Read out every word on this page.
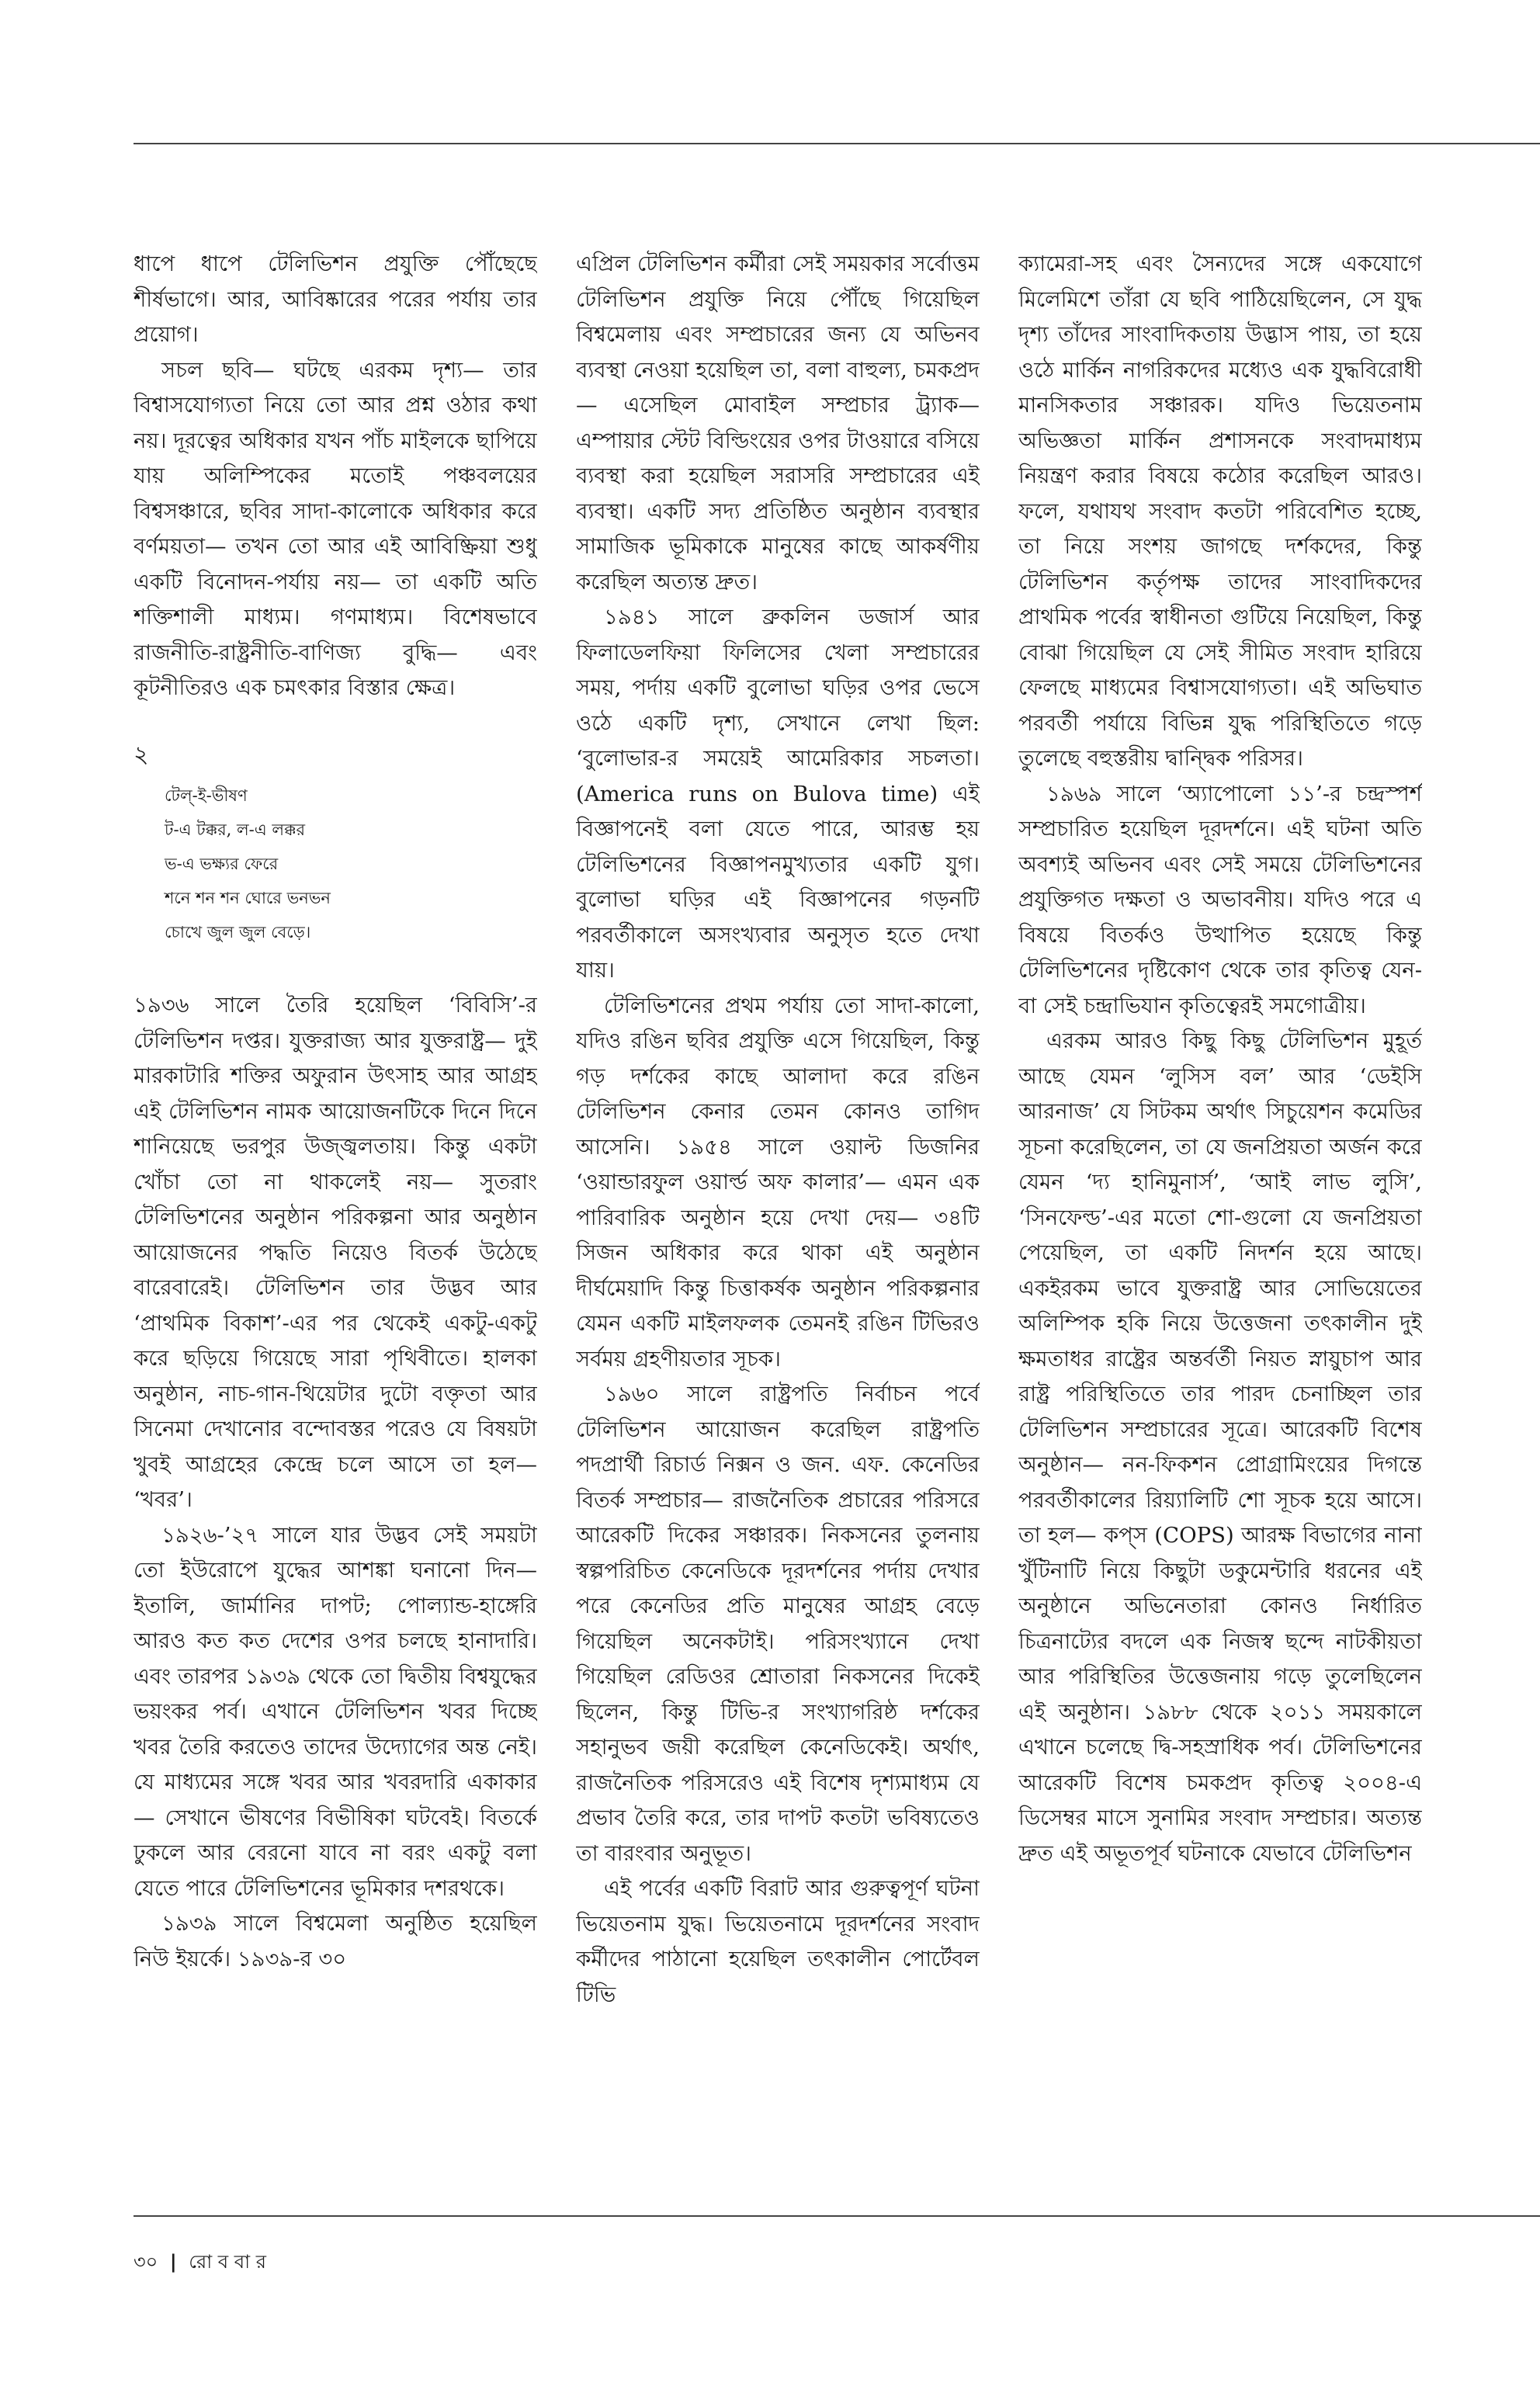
ধাপে ধাপে টেলিভিশন প্রযুক্তি পৌঁছেছে শীর্ষভাগে। আর, আবিষ্কারের পরের পর্যায় তার প্রয়োগ।

সচল ছবি— ঘটছে এরকম দৃশ্য— তার বিশ্বাসযোগ্যতা নিয়ে তো আর প্রশ্ন ওঠার কথা নয়। দূরত্বের অধিকার যখন পাঁচ মাইলকে ছাপিয়ে যায় অলিম্পিকের মতোই পঞ্চবলয়ের বিশ্বসঞ্চারে, ছবির সাদা-কালোকে অধিকার করে বর্ণময়তা— তখন তো আর এই আবিষ্ক্রিয়া শুধু একটি বিনোদন-পর্যায় নয়— তা একটি অতি শক্তিশালী মাধ্যম। গণমাধ্যম। বিশেষভাবে রাজনীতি-রাষ্ট্রনীতি-বাণিজ্য বুদ্ধি— এবং কূটনীতিরও এক চমৎকার বিস্তার ক্ষেত্র।

২
টেল্-ই-ভীষণ
ট-এ টক্কর, ল-এ লক্কর
ভ-এ ভক্ষ্যর ফেরে
শনে শন শন ঘোরে ভনভন
চোখে জুল জুল বেড়ে।

১৯৩৬ সালে তৈরি হয়েছিল ‘বিবিসি’-র টেলিভিশন দপ্তর। যুক্তরাজ্য আর যুক্তরাষ্ট্র— দুই মারকাটারি শক্তির অফুরান উৎসাহ আর আগ্রহ এই টেলিভিশন নামক আয়োজনটিকে দিনে দিনে শানিয়েছে ভরপুর উজ্জ্বলতায়। কিন্তু একটা খোঁচা তো না থাকলেই নয়— সুতরাং টেলিভিশনের অনুষ্ঠান পরিকল্পনা আর অনুষ্ঠান আয়োজনের পদ্ধতি নিয়েও বিতর্ক উঠেছে বারেবারেই। টেলিভিশন তার উদ্ভব আর ‘প্রাথমিক বিকাশ’-এর পর থেকেই একটু-একটু করে ছড়িয়ে গিয়েছে সারা পৃথিবীতে। হালকা অনুষ্ঠান, নাচ-গান-থিয়েটার দুটো বক্তৃতা আর সিনেমা দেখানোর বন্দোবস্তর পরেও যে বিষয়টা খুবই আগ্রহের কেন্দ্রে চলে আসে তা হল— ‘খবর’।

১৯২৬-’২৭ সালে যার উদ্ভব সেই সময়টা তো ইউরোপে যুদ্ধের আশঙ্কা ঘনানো দিন— ইতালি, জার্মানির দাপট; পোল্যান্ড-হাঙ্গেরি আরও কত কত দেশের ওপর চলছে হানাদারি। এবং তারপর ১৯৩৯ থেকে তো দ্বিতীয় বিশ্বযুদ্ধের ভয়ংকর পর্ব। এখানে টেলিভিশন খবর দিচ্ছে খবর তৈরি করতেও তাদের উদ্যোগের অন্ত নেই। যে মাধ্যমের সঙ্গে খবর আর খবরদারি একাকার— সেখানে ভীষণের বিভীষিকা ঘটবেই। বিতর্কে ঢুকলে আর বেরনো যাবে না বরং একটু বলা যেতে পারে টেলিভিশনের ভূমিকার দশরথকে।

১৯৩৯ সালে বিশ্বমেলা অনুষ্ঠিত হয়েছিল নিউ ইয়র্কে। ১৯৩৯-র ৩০

এপ্রিল টেলিভিশন কর্মীরা সেই সময়কার সর্বোত্তম টেলিভিশন প্রযুক্তি নিয়ে পৌঁছে গিয়েছিল বিশ্বমেলায় এবং সম্প্রচারের জন্য যে অভিনব ব্যবস্থা নেওয়া হয়েছিল তা, বলা বাহুল্য, চমকপ্রদ— এসেছিল মোবাইল সম্প্রচার ট্র্যাক— এম্পায়ার স্টেট বিল্ডিংয়ের ওপর টাওয়ারে বসিয়ে ব্যবস্থা করা হয়েছিল সরাসরি সম্প্রচারের এই ব্যবস্থা। একটি সদ্য প্রতিষ্ঠিত অনুষ্ঠান ব্যবস্থার সামাজিক ভূমিকাকে মানুষের কাছে আকর্ষণীয় করেছিল অত্যন্ত দ্রুত।

১৯৪১ সালে ব্রুকলিন ডজার্স আর ফিলাডেলফিয়া ফিলিসের খেলা সম্প্রচারের সময়, পর্দায় একটি বুলোভা ঘড়ির ওপর ভেসে ওঠে একটি দৃশ্য, সেখানে লেখা ছিল: ‘বুলোভার-র সময়েই আমেরিকার সচলতা। (America runs on Bulova time) এই বিজ্ঞাপনেই বলা যেতে পারে, আরম্ভ হয় টেলিভিশনের বিজ্ঞাপনমুখ্যতার একটি যুগ। বুলোভা ঘড়ির এই বিজ্ঞাপনের গড়নটি পরবর্তীকালে অসংখ্যবার অনুসৃত হতে দেখা যায়।

টেলিভিশনের প্রথম পর্যায় তো সাদা-কালো, যদিও রঙিন ছবির প্রযুক্তি এসে গিয়েছিল, কিন্তু গড় দর্শকের কাছে আলাদা করে রঙিন টেলিভিশন কেনার তেমন কোনও তাগিদ আসেনি। ১৯৫৪ সালে ওয়াল্ট ডিজনির ‘ওয়ান্ডারফুল ওয়ার্ল্ড অফ কালার’— এমন এক পারিবারিক অনুষ্ঠান হয়ে দেখা দেয়— ৩৪টি সিজন অধিকার করে থাকা এই অনুষ্ঠান দীর্ঘমেয়াদি কিন্তু চিত্তাকর্ষক অনুষ্ঠান পরিকল্পনার যেমন একটি মাইলফলক তেমনই রঙিন টিভিরও সর্বময় গ্রহণীয়তার সূচক।

১৯৬০ সালে রাষ্ট্রপতি নির্বাচন পর্বে টেলিভিশন আয়োজন করেছিল রাষ্ট্রপতি পদপ্রার্থী রিচার্ড নিক্সন ও জন. এফ. কেনেডির বিতর্ক সম্প্রচার— রাজনৈতিক প্রচারের পরিসরে আরেকটি দিকের সঞ্চারক। নিকসনের তুলনায় স্বল্পপরিচিত কেনেডিকে দূরদর্শনের পর্দায় দেখার পরে কেনেডির প্রতি মানুষের আগ্রহ বেড়ে গিয়েছিল অনেকটাই। পরিসংখ্যানে দেখা গিয়েছিল রেডিওর শ্রোতারা নিকসনের দিকেই ছিলেন, কিন্তু টিভি-র সংখ্যাগরিষ্ঠ দর্শকের সহানুভব জয়ী করেছিল কেনেডিকেই। অর্থাৎ, রাজনৈতিক পরিসরেও এই বিশেষ দৃশ্যমাধ্যম যে প্রভাব তৈরি করে, তার দাপট কতটা ভবিষ্যতেও তা বারংবার অনুভূত।

এই পর্বের একটি বিরাট আর গুরুত্বপূর্ণ ঘটনা ভিয়েতনাম যুদ্ধ। ভিয়েতনামে দূরদর্শনের সংবাদ কর্মীদের পাঠানো হয়েছিল তৎকালীন পোর্টেবল টিভি

ক্যামেরা-সহ এবং সৈন্যদের সঙ্গে একযোগে মিলেমিশে তাঁরা যে ছবি পাঠিয়েছিলেন, সে যুদ্ধ দৃশ্য তাঁদের সাংবাদিকতায় উদ্ভাস পায়, তা হয়ে ওঠে মার্কিন নাগরিকদের মধ্যেও এক যুদ্ধবিরোধী মানসিকতার সঞ্চারক। যদিও ভিয়েতনাম অভিজ্ঞতা মার্কিন প্রশাসনকে সংবাদমাধ্যম নিয়ন্ত্রণ করার বিষয়ে কঠোর করেছিল আরও। ফলে, যথাযথ সংবাদ কতটা পরিবেশিত হচ্ছে, তা নিয়ে সংশয় জাগছে দর্শকদের, কিন্তু টেলিভিশন কর্তৃপক্ষ তাদের সাংবাদিকদের প্রাথমিক পর্বের স্বাধীনতা গুটিয়ে নিয়েছিল, কিন্তু বোঝা গিয়েছিল যে সেই সীমিত সংবাদ হারিয়ে ফেলছে মাধ্যমের বিশ্বাসযোগ্যতা। এই অভিঘাত পরবর্তী পর্যায়ে বিভিন্ন যুদ্ধ পরিস্থিতিতে গড়ে তুলেছে বহুস্তরীয় দ্বান্দ্বিক পরিসর।

১৯৬৯ সালে ‘অ্যাপোলো ১১’-র চন্দ্রস্পর্শ সম্প্রচারিত হয়েছিল দূরদর্শনে। এই ঘটনা অতি অবশ্যই অভিনব এবং সেই সময়ে টেলিভিশনের প্রযুক্তিগত দক্ষতা ও অভাবনীয়। যদিও পরে এ বিষয়ে বিতর্কও উত্থাপিত হয়েছে কিন্তু টেলিভিশনের দৃষ্টিকোণ থেকে তার কৃতিত্ব যেন-বা সেই চন্দ্রাভিযান কৃতিত্বেরই সমগোত্রীয়।

এরকম আরও কিছু কিছু টেলিভিশন মুহূর্ত আছে যেমন ‘লুসিস বল’ আর ‘ডেইসি আরনাজ’ যে সিটকম অর্থাৎ সিচুয়েশন কমেডির সূচনা করেছিলেন, তা যে জনপ্রিয়তা অর্জন করে যেমন ‘দ্য হানিমুনার্স’, ‘আই লাভ লুসি’, ‘সিনফেল্ড’-এর মতো শো-গুলো যে জনপ্রিয়তা পেয়েছিল, তা একটি নিদর্শন হয়ে আছে। একইরকম ভাবে যুক্তরাষ্ট্র আর সোভিয়েতের অলিম্পিক হকি নিয়ে উত্তেজনা তৎকালীন দুই ক্ষমতাধর রাষ্ট্রের অন্তর্বর্তী নিয়ত স্নায়ুচাপ আর রাষ্ট্র পরিস্থিতিতে তার পারদ চেনাচ্ছিল তার টেলিভিশন সম্প্রচারের সূত্রে। আরেকটি বিশেষ অনুষ্ঠান— নন-ফিকশন প্রোগ্রামিংয়ের দিগন্তে পরবর্তীকালের রিয়্যালিটি শো সূচক হয়ে আসে। তা হল— কপ্‌স (COPS) আরক্ষ বিভাগের নানা খুঁটিনাটি নিয়ে কিছুটা ডকুমেন্টারি ধরনের এই অনুষ্ঠানে অভিনেতারা কোনও নির্ধারিত চিত্রনাট্যের বদলে এক নিজস্ব ছন্দে নাটকীয়তা আর পরিস্থিতির উত্তেজনায় গড়ে তুলেছিলেন এই অনুষ্ঠান। ১৯৮৮ থেকে ২০১১ সময়কালে এখানে চলেছে দ্বি-সহস্রাধিক পর্ব। টেলিভিশনের আরেকটি বিশেষ চমকপ্রদ কৃতিত্ব ২০০৪-এ ডিসেম্বর মাসে সুনামির সংবাদ সম্প্রচার। অত্যন্ত দ্রুত এই অভূতপূর্ব ঘটনাকে যেভাবে টেলিভিশন

৩০ | রো ব বা র
